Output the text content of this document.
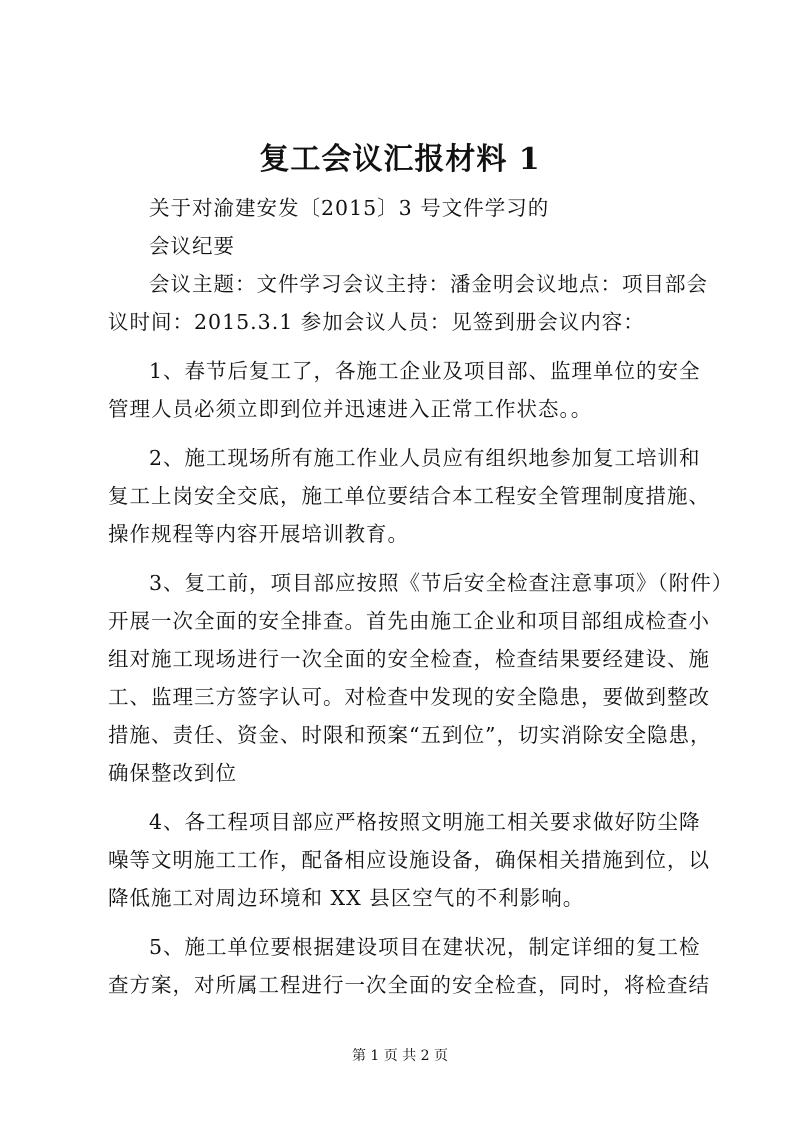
复工会议汇报材料 1
关于对渝建安发〔2015〕3 号文件学习的
会议纪要
会议主题：文件学习会议主持：潘金明会议地点：项目部会
议时间：2015.3.1 参加会议人员：见签到册会议内容：
1、春节后复工了，各施工企业及项目部、监理单位的安全
管理人员必须立即到位并迅速进入正常工作状态。。
2、施工现场所有施工作业人员应有组织地参加复工培训和
复工上岗安全交底，施工单位要结合本工程安全管理制度措施、
操作规程等内容开展培训教育。
3、复工前，项目部应按照《节后安全检查注意事项》（附件）
开展一次全面的安全排查。首先由施工企业和项目部组成检查小
组对施工现场进行一次全面的安全检查，检查结果要经建设、施
工、监理三方签字认可。对检查中发现的安全隐患，要做到整改
措施、责任、资金、时限和预案“五到位”，切实消除安全隐患，
确保整改到位
4、各工程项目部应严格按照文明施工相关要求做好防尘降
噪等文明施工工作，配备相应设施设备，确保相关措施到位，以
降低施工对周边环境和 XX 县区空气的不利影响。
5、施工单位要根据建设项目在建状况，制定详细的复工检
查方案，对所属工程进行一次全面的安全检查，同时，将检查结
第 1 页 共 2 页
